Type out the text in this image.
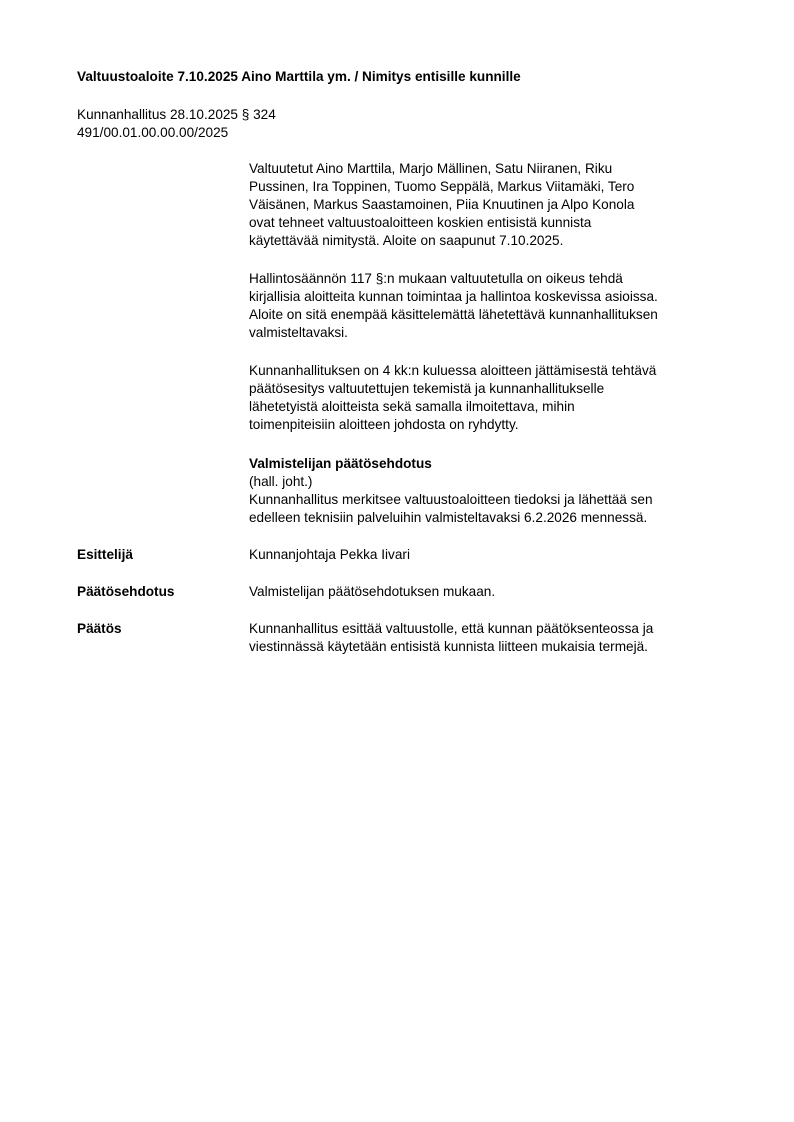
Valtuustoaloite 7.10.2025 Aino Marttila ym. / Nimitys entisille kunnille
Kunnanhallitus 28.10.2025 § 324
491/00.01.00.00.00/2025

Valtuutetut Aino Marttila, Marjo Mällinen, Satu Niiranen, Riku
Pussinen, Ira Toppinen, Tuomo Seppälä, Markus Viitamäki, Tero
Väisänen, Markus Saastamoinen, Piia Knuutinen ja Alpo Konola
ovat tehneet valtuustoaloitteen koskien entisistä kunnista
käytettävää nimitystä. Aloite on saapunut 7.10.2025.

Hallintosäännön 117 §:n mukaan valtuutetulla on oikeus tehdä
kirjallisia aloitteita kunnan toimintaa ja hallintoa koskevissa asioissa.
Aloite on sitä enempää käsittelemättä lähetettävä kunnanhallituksen
valmisteltavaksi.

Kunnanhallituksen on 4 kk:n kuluessa aloitteen jättämisestä tehtävä
päätösesitys valtuutettujen tekemistä ja kunnanhallitukselle
lähetetyistä aloitteista sekä samalla ilmoitettava, mihin
toimenpiteisiin aloitteen johdosta on ryhdytty.

Valmistelijan päätösehdotus
(hall. joht.)
Kunnanhallitus merkitsee valtuustoaloitteen tiedoksi ja lähettää sen
edelleen teknisiin palveluihin valmisteltavaksi 6.2.2026 mennessä.
Esittelijä	Kunnanjohtaja Pekka Iivari
Päätösehdotus	Valmistelijan päätösehdotuksen mukaan.
Päätös	Kunnanhallitus esittää valtuustolle, että kunnan päätöksenteossa ja
viestinnässä käytetään entisistä kunnista liitteen mukaisia termejä.
